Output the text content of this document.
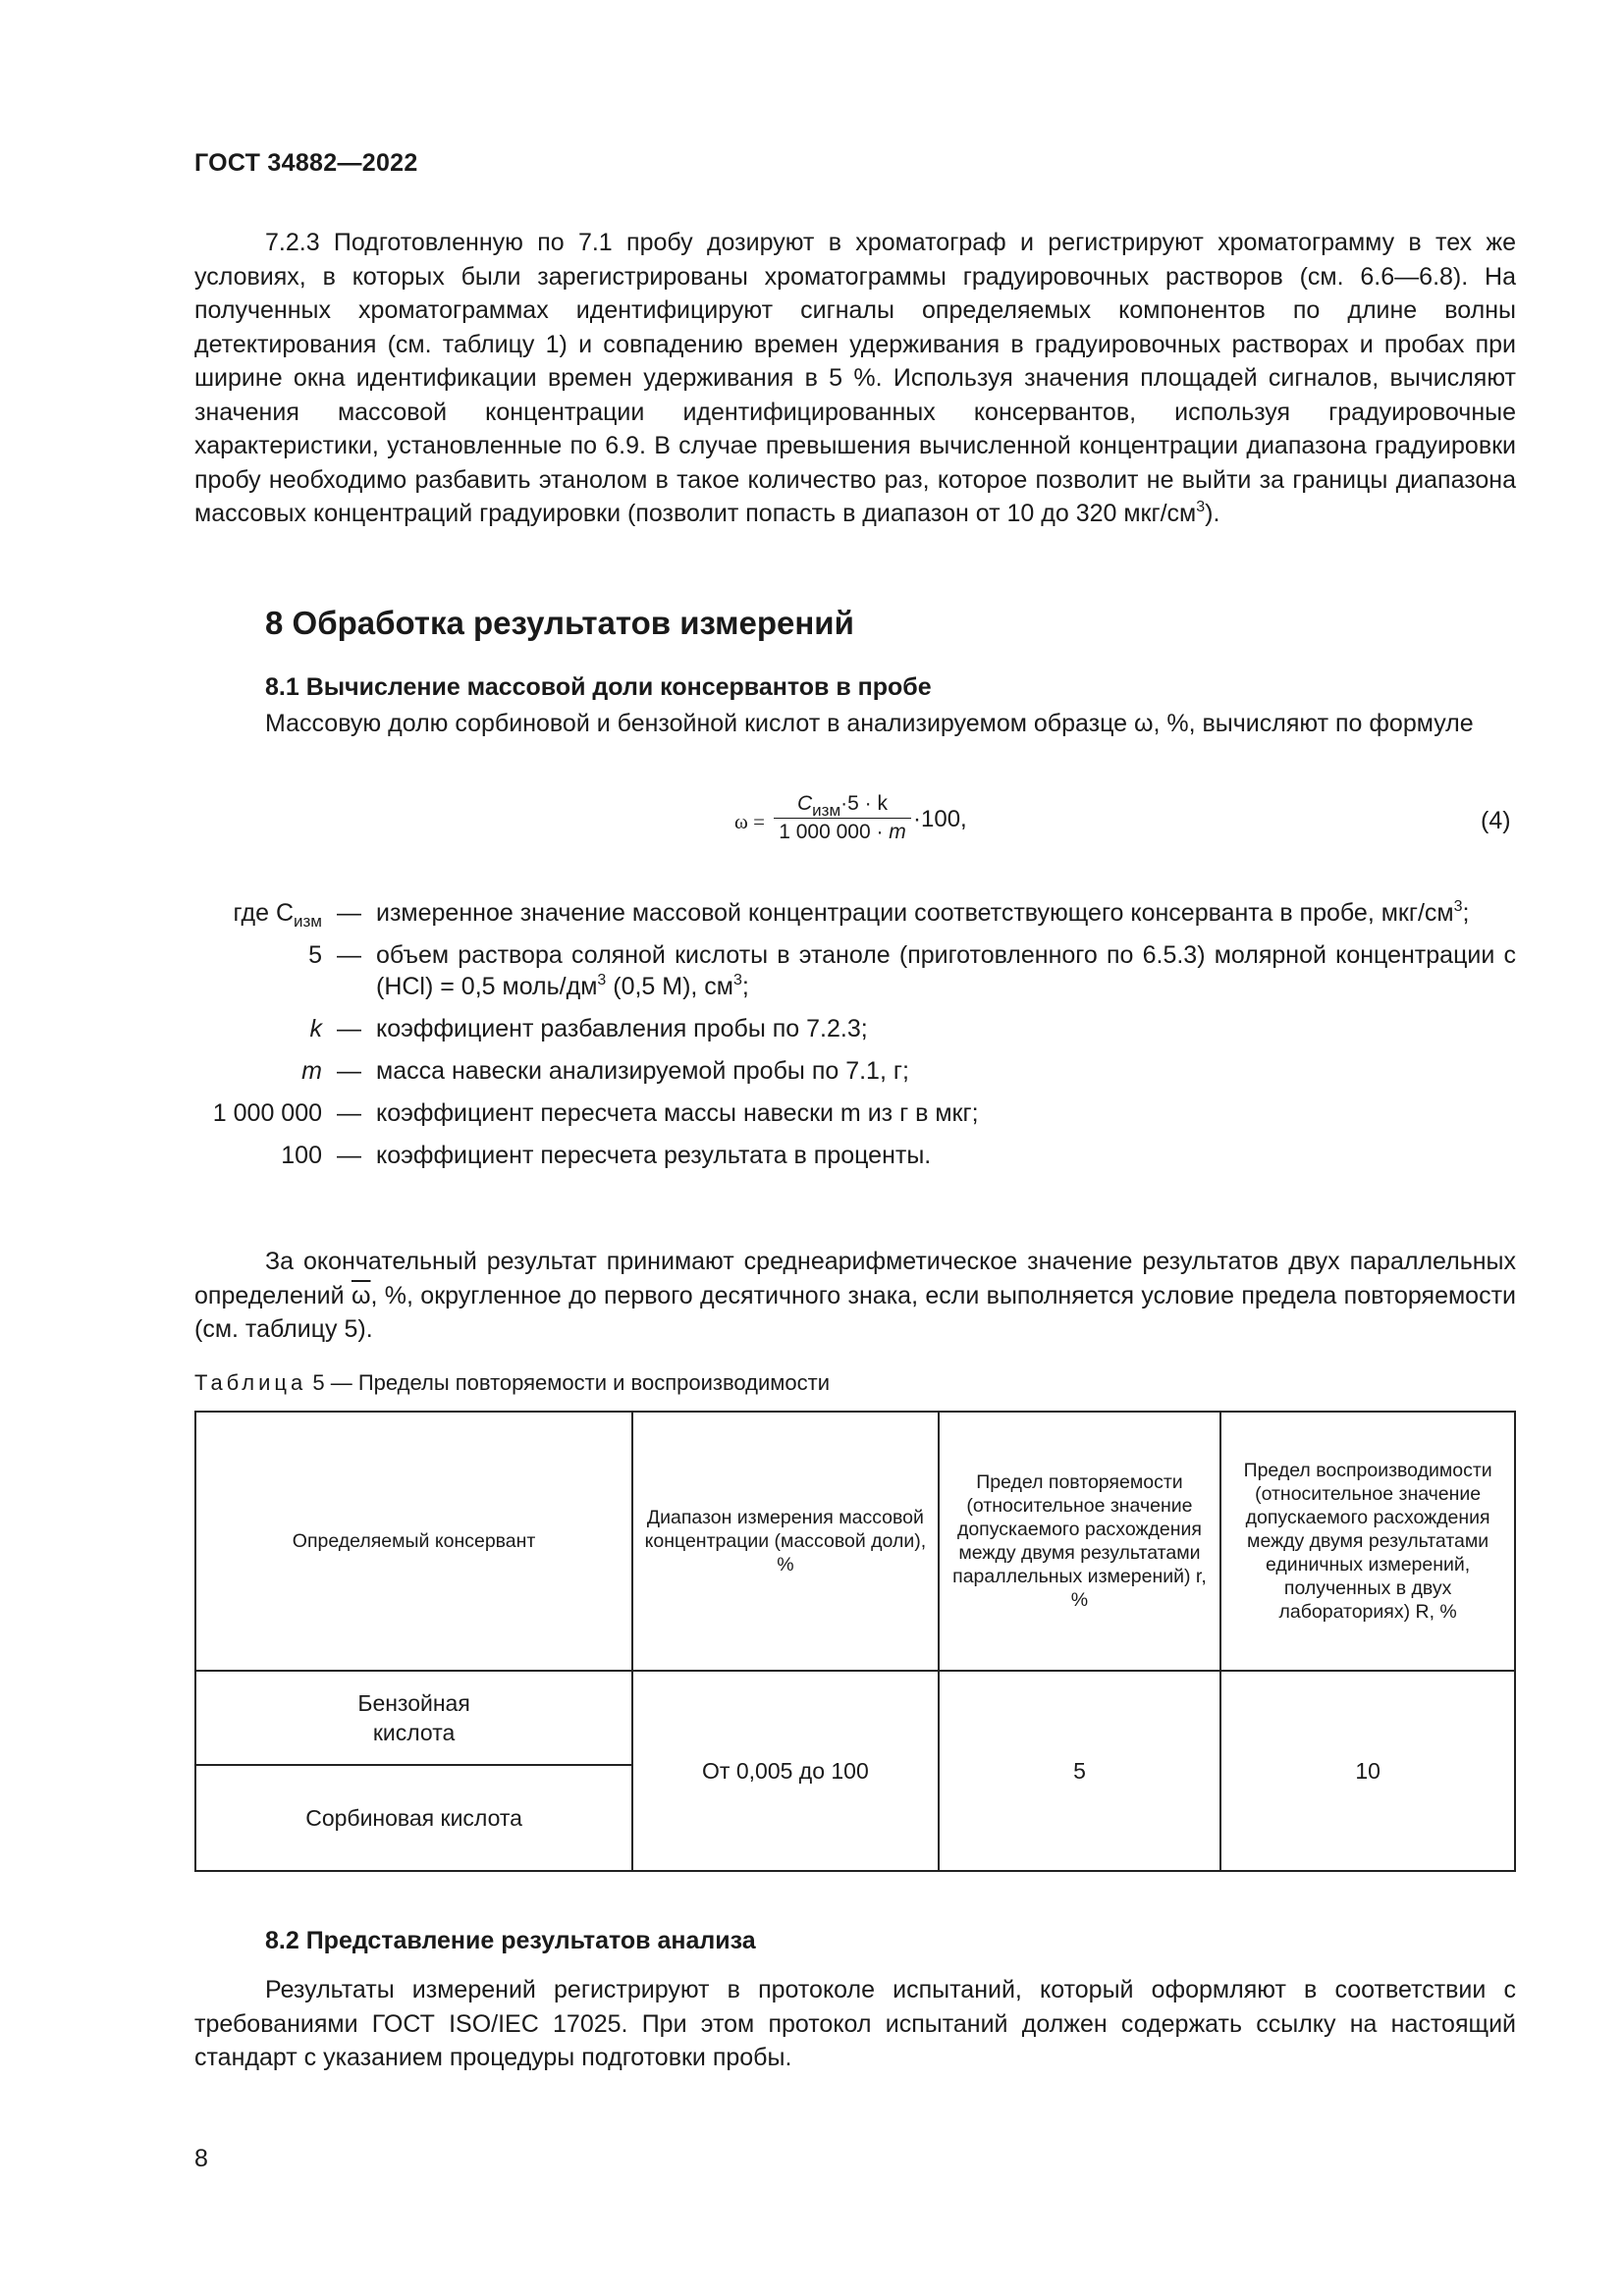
ГОСТ 34882—2022
7.2.3 Подготовленную по 7.1 пробу дозируют в хроматограф и регистрируют хроматограмму в тех же условиях, в которых были зарегистрированы хроматограммы градуировочных растворов (см. 6.6—6.8). На полученных хроматограммах идентифицируют сигналы определяемых компонентов по длине волны детектирования (см. таблицу 1) и совпадению времен удерживания в градуировочных растворах и пробах при ширине окна идентификации времен удерживания в 5 %. Используя значения площадей сигналов, вычисляют значения массовой концентрации идентифицированных консервантов, используя градуировочные характеристики, установленные по 6.9. В случае превышения вычисленной концентрации диапазона градуировки пробу необходимо разбавить этанолом в такое количество раз, которое позволит не выйти за границы диапазона массовых концентраций градуировки (позволит попасть в диапазон от 10 до 320 мкг/$см^3$).
8 Обработка результатов измерений
8.1 Вычисление массовой доли консервантов в пробе
Массовую долю сорбиновой и бензойной кислот в анализируемом образце ω, %, вычисляют по формуле
ω =
$C_{изм}\cdot 5 \cdot k$
1 000 000 · m ·100,	(4)
где $C_{изм}$ — измеренное значение массовой концентрации соответствующего консерванта в пробе, мкг/$см^3$;
5 — объем раствора соляной кислоты в этаноле (приготовленного по 6.5.3) молярной концентрации c (HCl) = 0,5 моль/$дм^3$ (0,5 М), $см^3$;
k — коэффициент разбавления пробы по 7.2.3;
m — масса навески анализируемой пробы по 7.1, г;
1 000 000 — коэффициент пересчета массы навески m из г в мкг;
100 — коэффициент пересчета результата в проценты.
За окончательный результат принимают среднеарифметическое значение результатов двух параллельных определений $\overline{\omega}$, %, округленное до первого десятичного знака, если выполняется условие предела повторяемости (см. таблицу 5).
Таблица 5 — Пределы повторяемости и воспроизводимости
Определяемый консервант	Диапазон измерения массовой концентрации (массовой доли), %	Предел повторяемости (относительное значение допускаемого расхождения между двумя результатами параллельных измерений) r, %	Предел воспроизводимости (относительное значение допускаемого расхождения между двумя результатами единичных измерений, полученных в двух лабораториях) R, %

Бензойная кислота	От 0,005 до 100	5	10
Сорбиновая кислота			
8.2 Представление результатов анализа
Результаты измерений регистрируют в протоколе испытаний, который оформляют в соответствии с требованиями ГОСТ ISO/IEC 17025. При этом протокол испытаний должен содержать ссылку на настоящий стандарт с указанием процедуры подготовки пробы.
8
